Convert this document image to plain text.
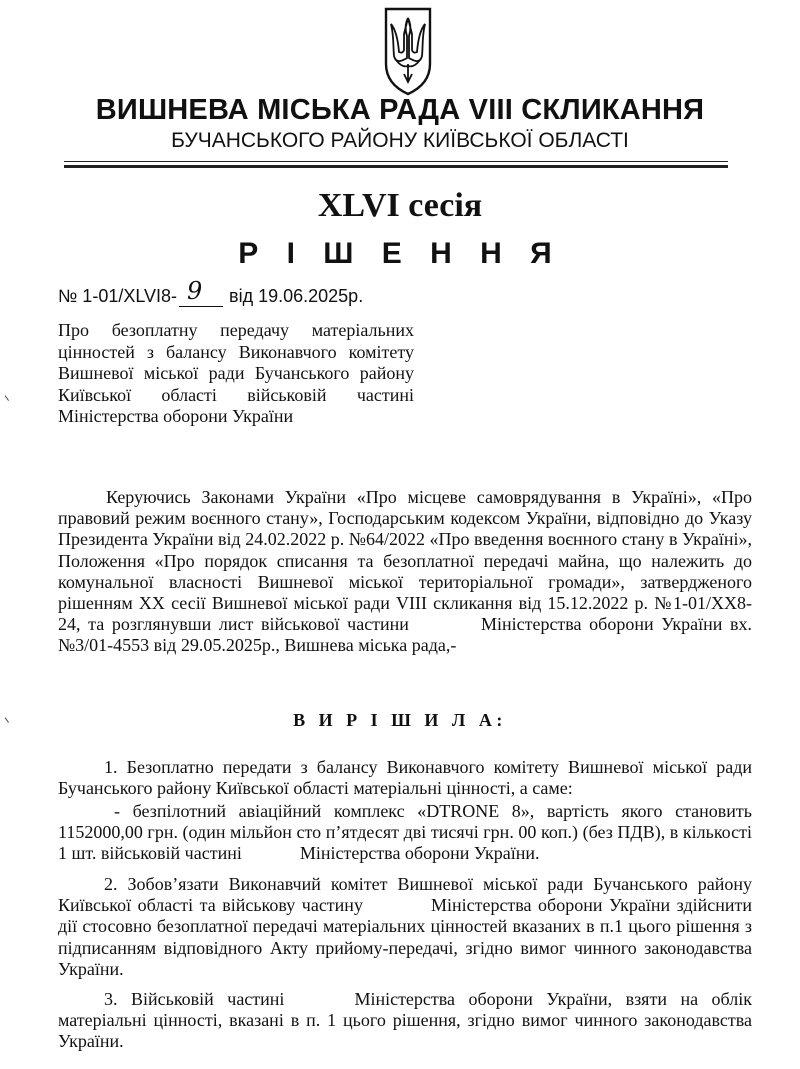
ВИШНЕВА МІСЬКА РАДА VIII СКЛИКАННЯ
БУЧАНСЬКОГО РАЙОНУ КИЇВСЬКОЇ ОБЛАСТІ
XLVI сесія
Р І Ш Е Н Н Я
№ 1-01/XLVI8- 9 від 19.06.2025р.
Про безоплатну передачу матеріальних цінностей з балансу Виконавчого комітету Вишневої міської ради Бучанського району Київської області військовій частині Міністерства оборони України
Керуючись Законами України «Про місцеве самоврядування в Україні», «Про правовий режим воєнного стану», Господарським кодексом України, відповідно до Указу Президента України від 24.02.2022 р. №64/2022 «Про введення воєнного стану в Україні», Положення «Про порядок списання та безоплатної передачі майна, що належить до комунальної власності Вишневої міської територіальної громади», затвердженого рішенням XX сесії Вишневої міської ради VIII скликання від 15.12.2022 р. №1-01/XX8-24, та розглянувши лист військової частини	Міністерства оборони України вх. №3/01-4553 від 29.05.2025р., Вишнева міська рада,-
В И Р І Ш И Л А:
1. Безоплатно передати з балансу Виконавчого комітету Вишневої міської ради Бучанського району Київської області матеріальні цінності, а саме:
- безпілотний авіаційний комплекс «DTRONE 8», вартість якого становить 1152000,00 грн. (один мільйон сто п’ятдесят дві тисячі грн. 00 коп.) (без ПДВ), в кількості 1 шт. військовій частині	Міністерства оборони України.
2. Зобов’язати Виконавчий комітет Вишневої міської ради Бучанського району Київської області та військову частину	Міністерства оборони України здійснити дії стосовно безоплатної передачі матеріальних цінностей вказаних в п.1 цього рішення з підписанням відповідного Акту прийому-передачі, згідно вимог чинного законодавства України.
3. Військовій частині	Міністерства оборони України, взяти на облік матеріальні цінності, вказані в п. 1 цього рішення, згідно вимог чинного законодавства України.
